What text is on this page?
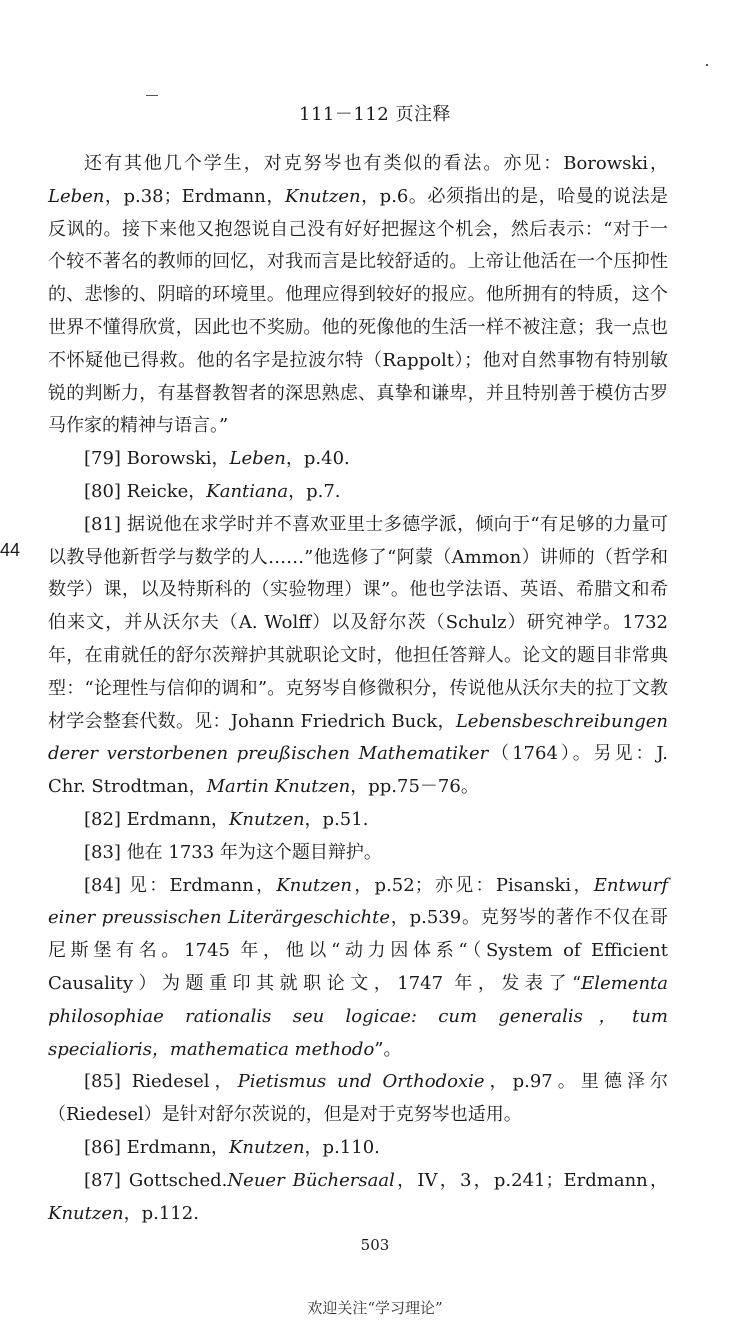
111－112 页注释
44

还有其他几个学生，对克努岑也有类似的看法。亦见：Borowski，Leben，p.38；Erdmann，Knutzen，p.6。必须指出的是，哈曼的说法是反讽的。接下来他又抱怨说自己没有好好把握这个机会，然后表示：“对于一个较不著名的教师的回忆，对我而言是比较舒适的。上帝让他活在一个压抑性的、悲惨的、阴暗的环境里。他理应得到较好的报应。他所拥有的特质，这个世界不懂得欣赏，因此也不奖励。他的死像他的生活一样不被注意；我一点也不怀疑他已得救。他的名字是拉波尔特（Rappolt）；他对自然事物有特别敏锐的判断力，有基督教智者的深思熟虑、真挚和谦卑，并且特别善于模仿古罗马作家的精神与语言。”

[79] Borowski，Leben，p.40.

[80] Reicke，Kantiana，p.7.

[81] 据说他在求学时并不喜欢亚里士多德学派，倾向于“有足够的力量可以教导他新哲学与数学的人……”他选修了“阿蒙（Ammon）讲师的（哲学和数学）课，以及特斯科的（实验物理）课”。他也学法语、英语、希腊文和希伯来文，并从沃尔夫（A. Wolff）以及舒尔茨（Schulz）研究神学。1732 年，在甫就任的舒尔茨辩护其就职论文时，他担任答辩人。论文的题目非常典型：“论理性与信仰的调和”。克努岑自修微积分，传说他从沃尔夫的拉丁文教材学会整套代数。见：Johann Friedrich Buck，Lebensbeschreibungen derer verstorbenen preußischen Mathematiker（1764）。另见：J. Chr. Strodtman，Martin Knutzen，pp.75－76。

[82] Erdmann，Knutzen，p.51.

[83] 他在 1733 年为这个题目辩护。

[84] 见：Erdmann，Knutzen，p.52；亦见：Pisanski，Entwurf einer preussischen Literärgeschichte，p.539。克努岑的著作不仅在哥尼斯堡有名。1745 年，他以“动力因体系“（System of Efficient Causality）为题重印其就职论文，1747 年，发表了“Elementa philosophiae rationalis seu logicae: cum generalis，tum specialioris，mathematica methodo”。

[85] Riedesel，Pietismus und Orthodoxie，p.97。里德泽尔（Riedesel）是针对舒尔茨说的，但是对于克努岑也适用。

[86] Erdmann，Knutzen，p.110.

[87] Gottsched.Neuer Büchersaal，IV，3，p.241；Erdmann，Knutzen，p.112.

503
欢迎关注“学习理论”
